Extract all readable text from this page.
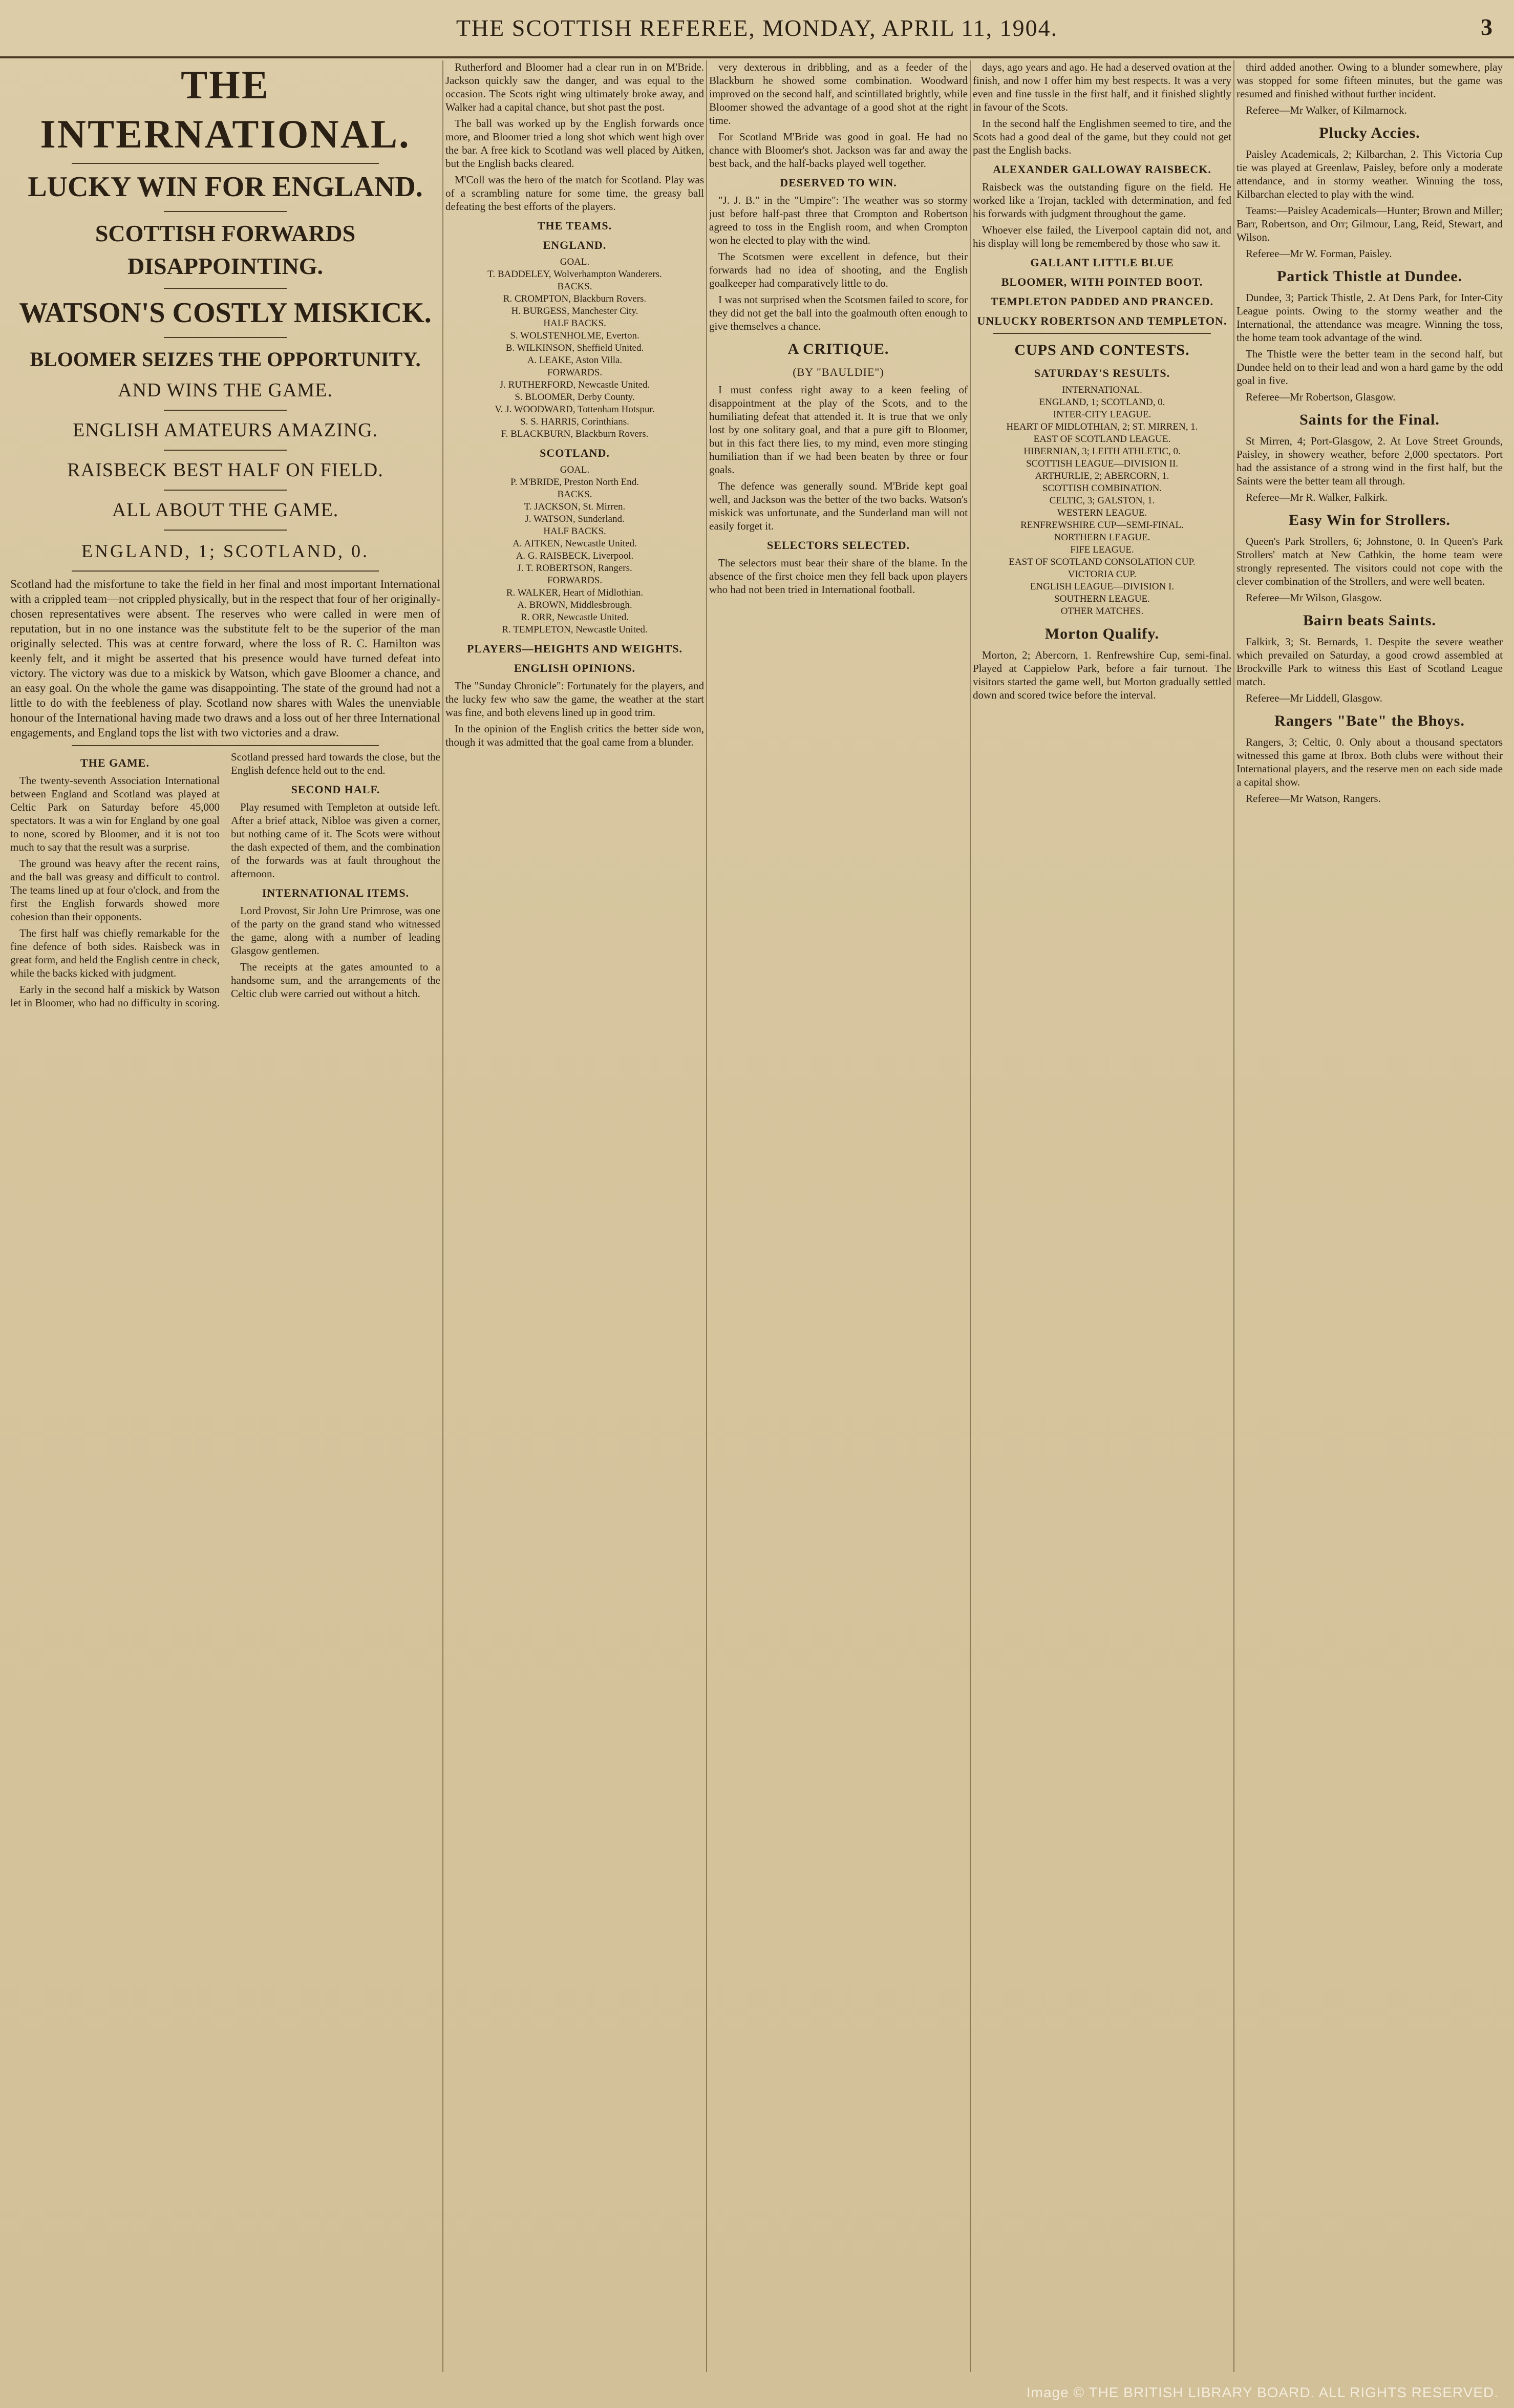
THE SCOTTISH REFEREE, MONDAY, APRIL 11, 1904.	3
THE INTERNATIONAL.
LUCKY WIN FOR ENGLAND.
SCOTTISH FORWARDS DISAPPOINTING.
WATSON'S COSTLY MISKICK.
BLOOMER SEIZES THE OPPORTUNITY.
AND WINS THE GAME.
ENGLISH AMATEURS AMAZING.
RAISBECK BEST HALF ON FIELD.
ALL ABOUT THE GAME.
ENGLAND, 1; SCOTLAND, 0.
Scotland had the misfortune to take the field in her final and most important International with a crippled team—not crippled physically, but in the respect that four of her originally-chosen representatives were absent. The reserves who were called in were men of reputation, but in no one instance was the substitute felt to be the superior of the man originally selected. This was at centre forward, where the loss of R. C. Hamilton was keenly felt, and it might be asserted that his presence would have turned defeat into victory. The victory was due to a miskick by Watson, which gave Bloomer a chance, and an easy goal. On the whole the game was disappointing. The state of the ground had not a little to do with the feebleness of play. Scotland now shares with Wales the unenviable honour of the International having made two draws and a loss out of her three International engagements, and England tops the list with two victories and a draw.
THE GAME.

The twenty-seventh Association International between England and Scotland was played at Celtic Park on Saturday before 45,000 spectators. It was a win for England by one goal to none, scored by Bloomer, and it is not too much to say that the result was a surprise.

The ground was heavy after the recent rains, and the ball was greasy and difficult to control. The teams lined up at four o'clock, and from the first the English forwards showed more cohesion than their opponents.

The first half was chiefly remarkable for the fine defence of both sides. Raisbeck was in great form, and held the English centre in check, while the backs kicked with judgment.

Early in the second half a miskick by Watson let in Bloomer, who had no difficulty in scoring. Scotland pressed hard towards the close, but the English defence held out to the end.

SECOND HALF.

Play resumed with Templeton at outside left. After a brief attack, Nibloe was given a corner, but nothing came of it. The Scots were without the dash expected of them, and the combination of the forwards was at fault throughout the afternoon.

INTERNATIONAL ITEMS.

Lord Provost, Sir John Ure Primrose, was one of the party on the grand stand who witnessed the game, along with a number of leading Glasgow gentlemen.

The receipts at the gates amounted to a handsome sum, and the arrangements of the Celtic club were carried out without a hitch.

Rutherford and Bloomer had a clear run in on M'Bride. Jackson quickly saw the danger, and was equal to the occasion. The Scots right wing ultimately broke away, and Walker had a capital chance, but shot past the post.

The ball was worked up by the English forwards once more, and Bloomer tried a long shot which went high over the bar. A free kick to Scotland was well placed by Aitken, but the English backs cleared.

M'Coll was the hero of the match for Scotland. Play was of a scrambling nature for some time, the greasy ball defeating the best efforts of the players.

THE TEAMS.
ENGLAND.
GOAL.
T. BADDELEY, Wolverhampton Wanderers.
BACKS.
R. CROMPTON, Blackburn Rovers.
H. BURGESS, Manchester City.
HALF BACKS.
S. WOLSTENHOLME, Everton.
B. WILKINSON, Sheffield United.
A. LEAKE, Aston Villa.
FORWARDS.
J. RUTHERFORD, Newcastle United.
S. BLOOMER, Derby County.
V. J. WOODWARD, Tottenham Hotspur.
S. S. HARRIS, Corinthians.
F. BLACKBURN, Blackburn Rovers.
SCOTLAND.
GOAL.
P. M'BRIDE, Preston North End.
BACKS.
T. JACKSON, St. Mirren.
J. WATSON, Sunderland.
HALF BACKS.
A. AITKEN, Newcastle United.
A. G. RAISBECK, Liverpool.
J. T. ROBERTSON, Rangers.
FORWARDS.
R. WALKER, Heart of Midlothian.
A. BROWN, Middlesbrough.
R. ORR, Newcastle United.
R. TEMPLETON, Newcastle United.
PLAYERS—HEIGHTS AND WEIGHTS.
ENGLISH OPINIONS.

The "Sunday Chronicle": Fortunately for the players, and the lucky few who saw the game, the weather at the start was fine, and both elevens lined up in good trim.

In the opinion of the English critics the better side won, though it was admitted that the goal came from a blunder.

very dexterous in dribbling, and as a feeder of the Blackburn he showed some combination. Woodward improved on the second half, and scintillated brightly, while Bloomer showed the advantage of a good shot at the right time.

For Scotland M'Bride was good in goal. He had no chance with Bloomer's shot. Jackson was far and away the best back, and the half-backs played well together.

DESERVED TO WIN.

"J. J. B." in the "Umpire": The weather was so stormy just before half-past three that Crompton and Robertson agreed to toss in the English room, and when Crompton won he elected to play with the wind.

The Scotsmen were excellent in defence, but their forwards had no idea of shooting, and the English goalkeeper had comparatively little to do.

I was not surprised when the Scotsmen failed to score, for they did not get the ball into the goalmouth often enough to give themselves a chance.

A CRITIQUE.
(BY "BAULDIE")

I must confess right away to a keen feeling of disappointment at the play of the Scots, and to the humiliating defeat that attended it. It is true that we only lost by one solitary goal, and that a pure gift to Bloomer, but in this fact there lies, to my mind, even more stinging humiliation than if we had been beaten by three or four goals.

The defence was generally sound. M'Bride kept goal well, and Jackson was the better of the two backs. Watson's miskick was unfortunate, and the Sunderland man will not easily forget it.

SELECTORS SELECTED.

The selectors must bear their share of the blame. In the absence of the first choice men they fell back upon players who had not been tried in International football.

days, ago years and ago. He had a deserved ovation at the finish, and now I offer him my best respects. It was a very even and fine tussle in the first half, and it finished slightly in favour of the Scots.

In the second half the Englishmen seemed to tire, and the Scots had a good deal of the game, but they could not get past the English backs.

ALEXANDER GALLOWAY RAISBECK.

Raisbeck was the outstanding figure on the field. He worked like a Trojan, tackled with determination, and fed his forwards with judgment throughout the game.

Whoever else failed, the Liverpool captain did not, and his display will long be remembered by those who saw it.

GALLANT LITTLE BLUE
BLOOMER, WITH POINTED BOOT.
TEMPLETON PADDED AND PRANCED.
UNLUCKY ROBERTSON AND TEMPLETON.
CUPS AND CONTESTS.
SATURDAY'S RESULTS.
INTERNATIONAL.
ENGLAND, 1; SCOTLAND, 0.
INTER-CITY LEAGUE.
HEART OF MIDLOTHIAN, 2; ST. MIRREN, 1.
EAST OF SCOTLAND LEAGUE.
HIBERNIAN, 3; LEITH ATHLETIC, 0.
SCOTTISH LEAGUE—DIVISION II.
ARTHURLIE, 2; ABERCORN, 1.
SCOTTISH COMBINATION.
CELTIC, 3; GALSTON, 1.
WESTERN LEAGUE.
RENFREWSHIRE CUP—SEMI-FINAL.
NORTHERN LEAGUE.
FIFE LEAGUE.
EAST OF SCOTLAND CONSOLATION CUP.
VICTORIA CUP.
ENGLISH LEAGUE—DIVISION I.
SOUTHERN LEAGUE.
OTHER MATCHES.
Morton Qualify.

Morton, 2; Abercorn, 1. Renfrewshire Cup, semi-final. Played at Cappielow Park, before a fair turnout. The visitors started the game well, but Morton gradually settled down and scored twice before the interval.

third added another. Owing to a blunder somewhere, play was stopped for some fifteen minutes, but the game was resumed and finished without further incident.

Referee—Mr Walker, of Kilmarnock.

Plucky Accies.

Paisley Academicals, 2; Kilbarchan, 2. This Victoria Cup tie was played at Greenlaw, Paisley, before only a moderate attendance, and in stormy weather. Winning the toss, Kilbarchan elected to play with the wind.

Teams:—Paisley Academicals—Hunter; Brown and Miller; Barr, Robertson, and Orr; Gilmour, Lang, Reid, Stewart, and Wilson.

Referee—Mr W. Forman, Paisley.

Partick Thistle at Dundee.

Dundee, 3; Partick Thistle, 2. At Dens Park, for Inter-City League points. Owing to the stormy weather and the International, the attendance was meagre. Winning the toss, the home team took advantage of the wind.

The Thistle were the better team in the second half, but Dundee held on to their lead and won a hard game by the odd goal in five.

Referee—Mr Robertson, Glasgow.

Saints for the Final.

St Mirren, 4; Port-Glasgow, 2. At Love Street Grounds, Paisley, in showery weather, before 2,000 spectators. Port had the assistance of a strong wind in the first half, but the Saints were the better team all through.

Referee—Mr R. Walker, Falkirk.

Easy Win for Strollers.

Queen's Park Strollers, 6; Johnstone, 0. In Queen's Park Strollers' match at New Cathkin, the home team were strongly represented. The visitors could not cope with the clever combination of the Strollers, and were well beaten.

Referee—Mr Wilson, Glasgow.

Bairn beats Saints.

Falkirk, 3; St. Bernards, 1. Despite the severe weather which prevailed on Saturday, a good crowd assembled at Brockville Park to witness this East of Scotland League match.

Referee—Mr Liddell, Glasgow.

Rangers "Bate" the Bhoys.

Rangers, 3; Celtic, 0. Only about a thousand spectators witnessed this game at Ibrox. Both clubs were without their International players, and the reserve men on each side made a capital show.

Referee—Mr Watson, Rangers.

Image © THE BRITISH LIBRARY BOARD. ALL RIGHTS RESERVED.
